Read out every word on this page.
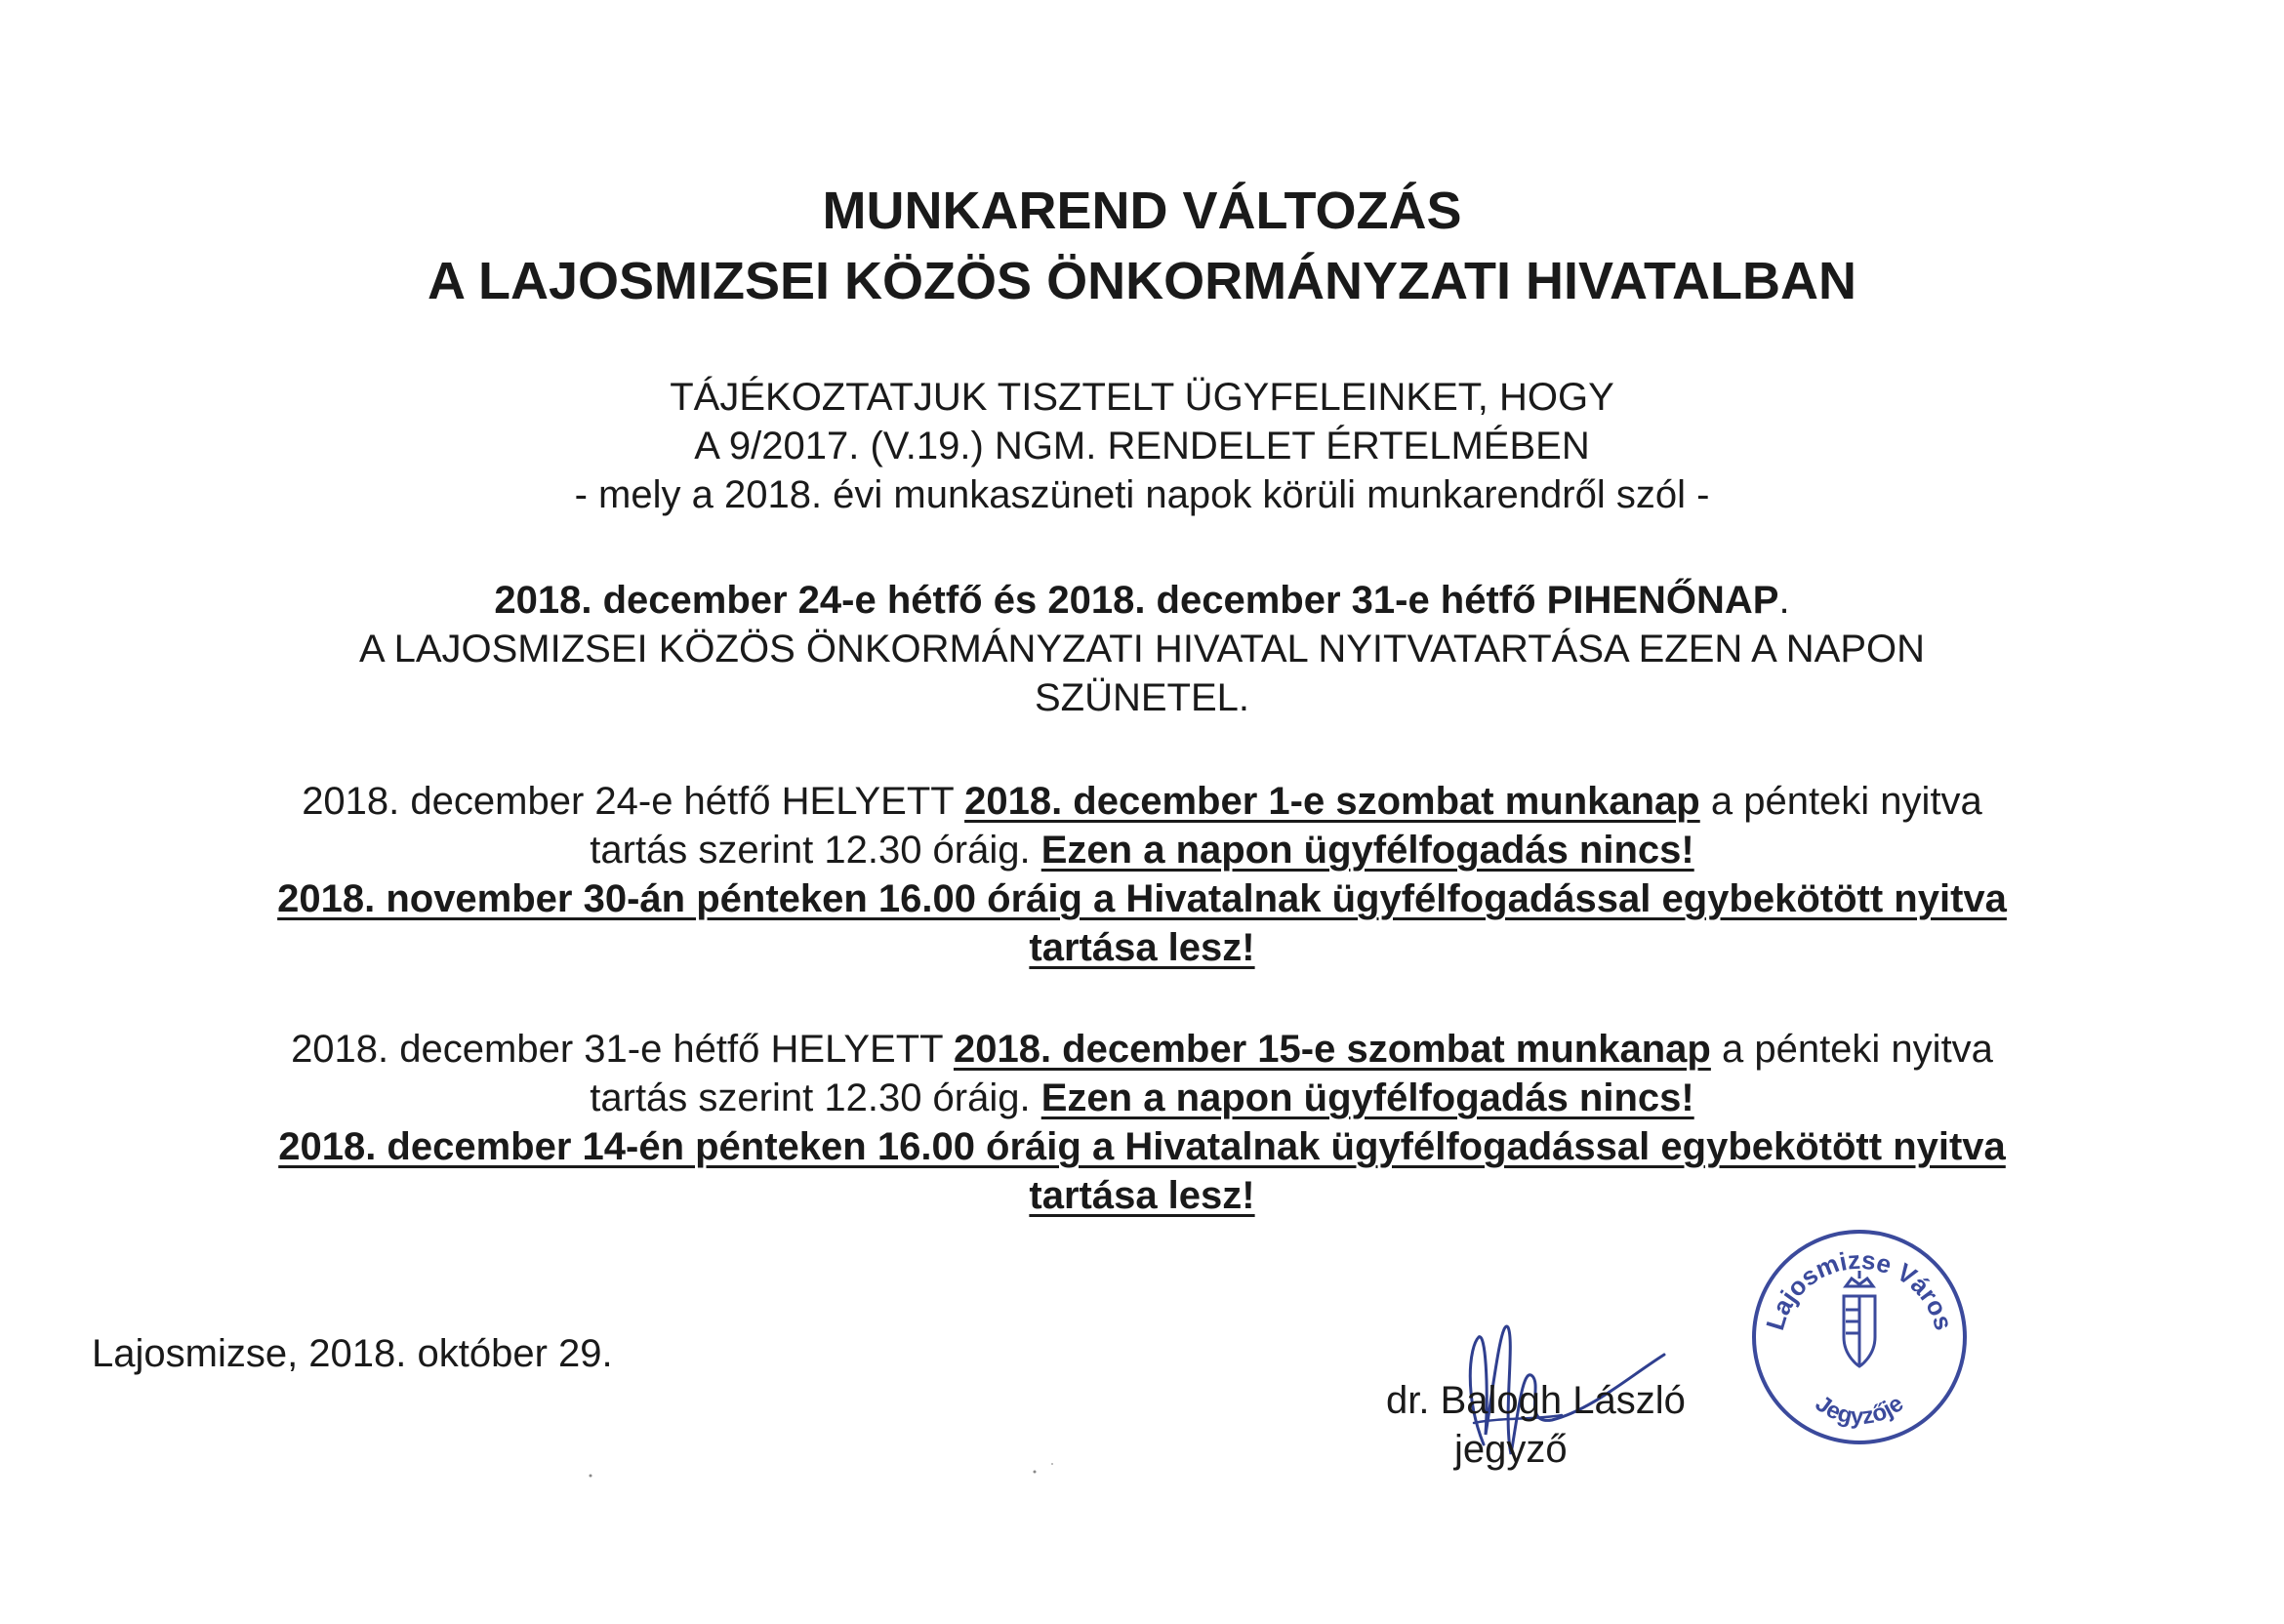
MUNKAREND VÁLTOZÁS
A LAJOSMIZSEI KÖZÖS ÖNKORMÁNYZATI HIVATALBAN
TÁJÉKOZTATJUK TISZTELT ÜGYFELEINKET, HOGY
A 9/2017. (V.19.) NGM. RENDELET ÉRTELMÉBEN
- mely a 2018. évi munkaszüneti napok körüli munkarendről szól -
2018. december 24-e hétfő és 2018. december 31-e hétfő PIHENŐNAP.
A LAJOSMIZSEI KÖZÖS ÖNKORMÁNYZATI HIVATAL NYITVATARTÁSA EZEN A NAPON
SZÜNETEL.
2018. december 24-e hétfő HELYETT 2018. december 1-e szombat munkanap a pénteki nyitva
tartás szerint 12.30 óráig. Ezen a napon ügyfélfogadás nincs!
2018. november 30-án pénteken 16.00 óráig a Hivatalnak ügyfélfogadással egybekötött nyitva
tartása lesz!
2018. december 31-e hétfő HELYETT 2018. december 15-e szombat munkanap a pénteki nyitva
tartás szerint 12.30 óráig. Ezen a napon ügyfélfogadás nincs!
2018. december 14-én pénteken 16.00 óráig a Hivatalnak ügyfélfogadással egybekötött nyitva
tartása lesz!
Lajosmizse, 2018. október 29.
dr. Balogh László
jegyző
Lajosmizse Város
Jegyzője
